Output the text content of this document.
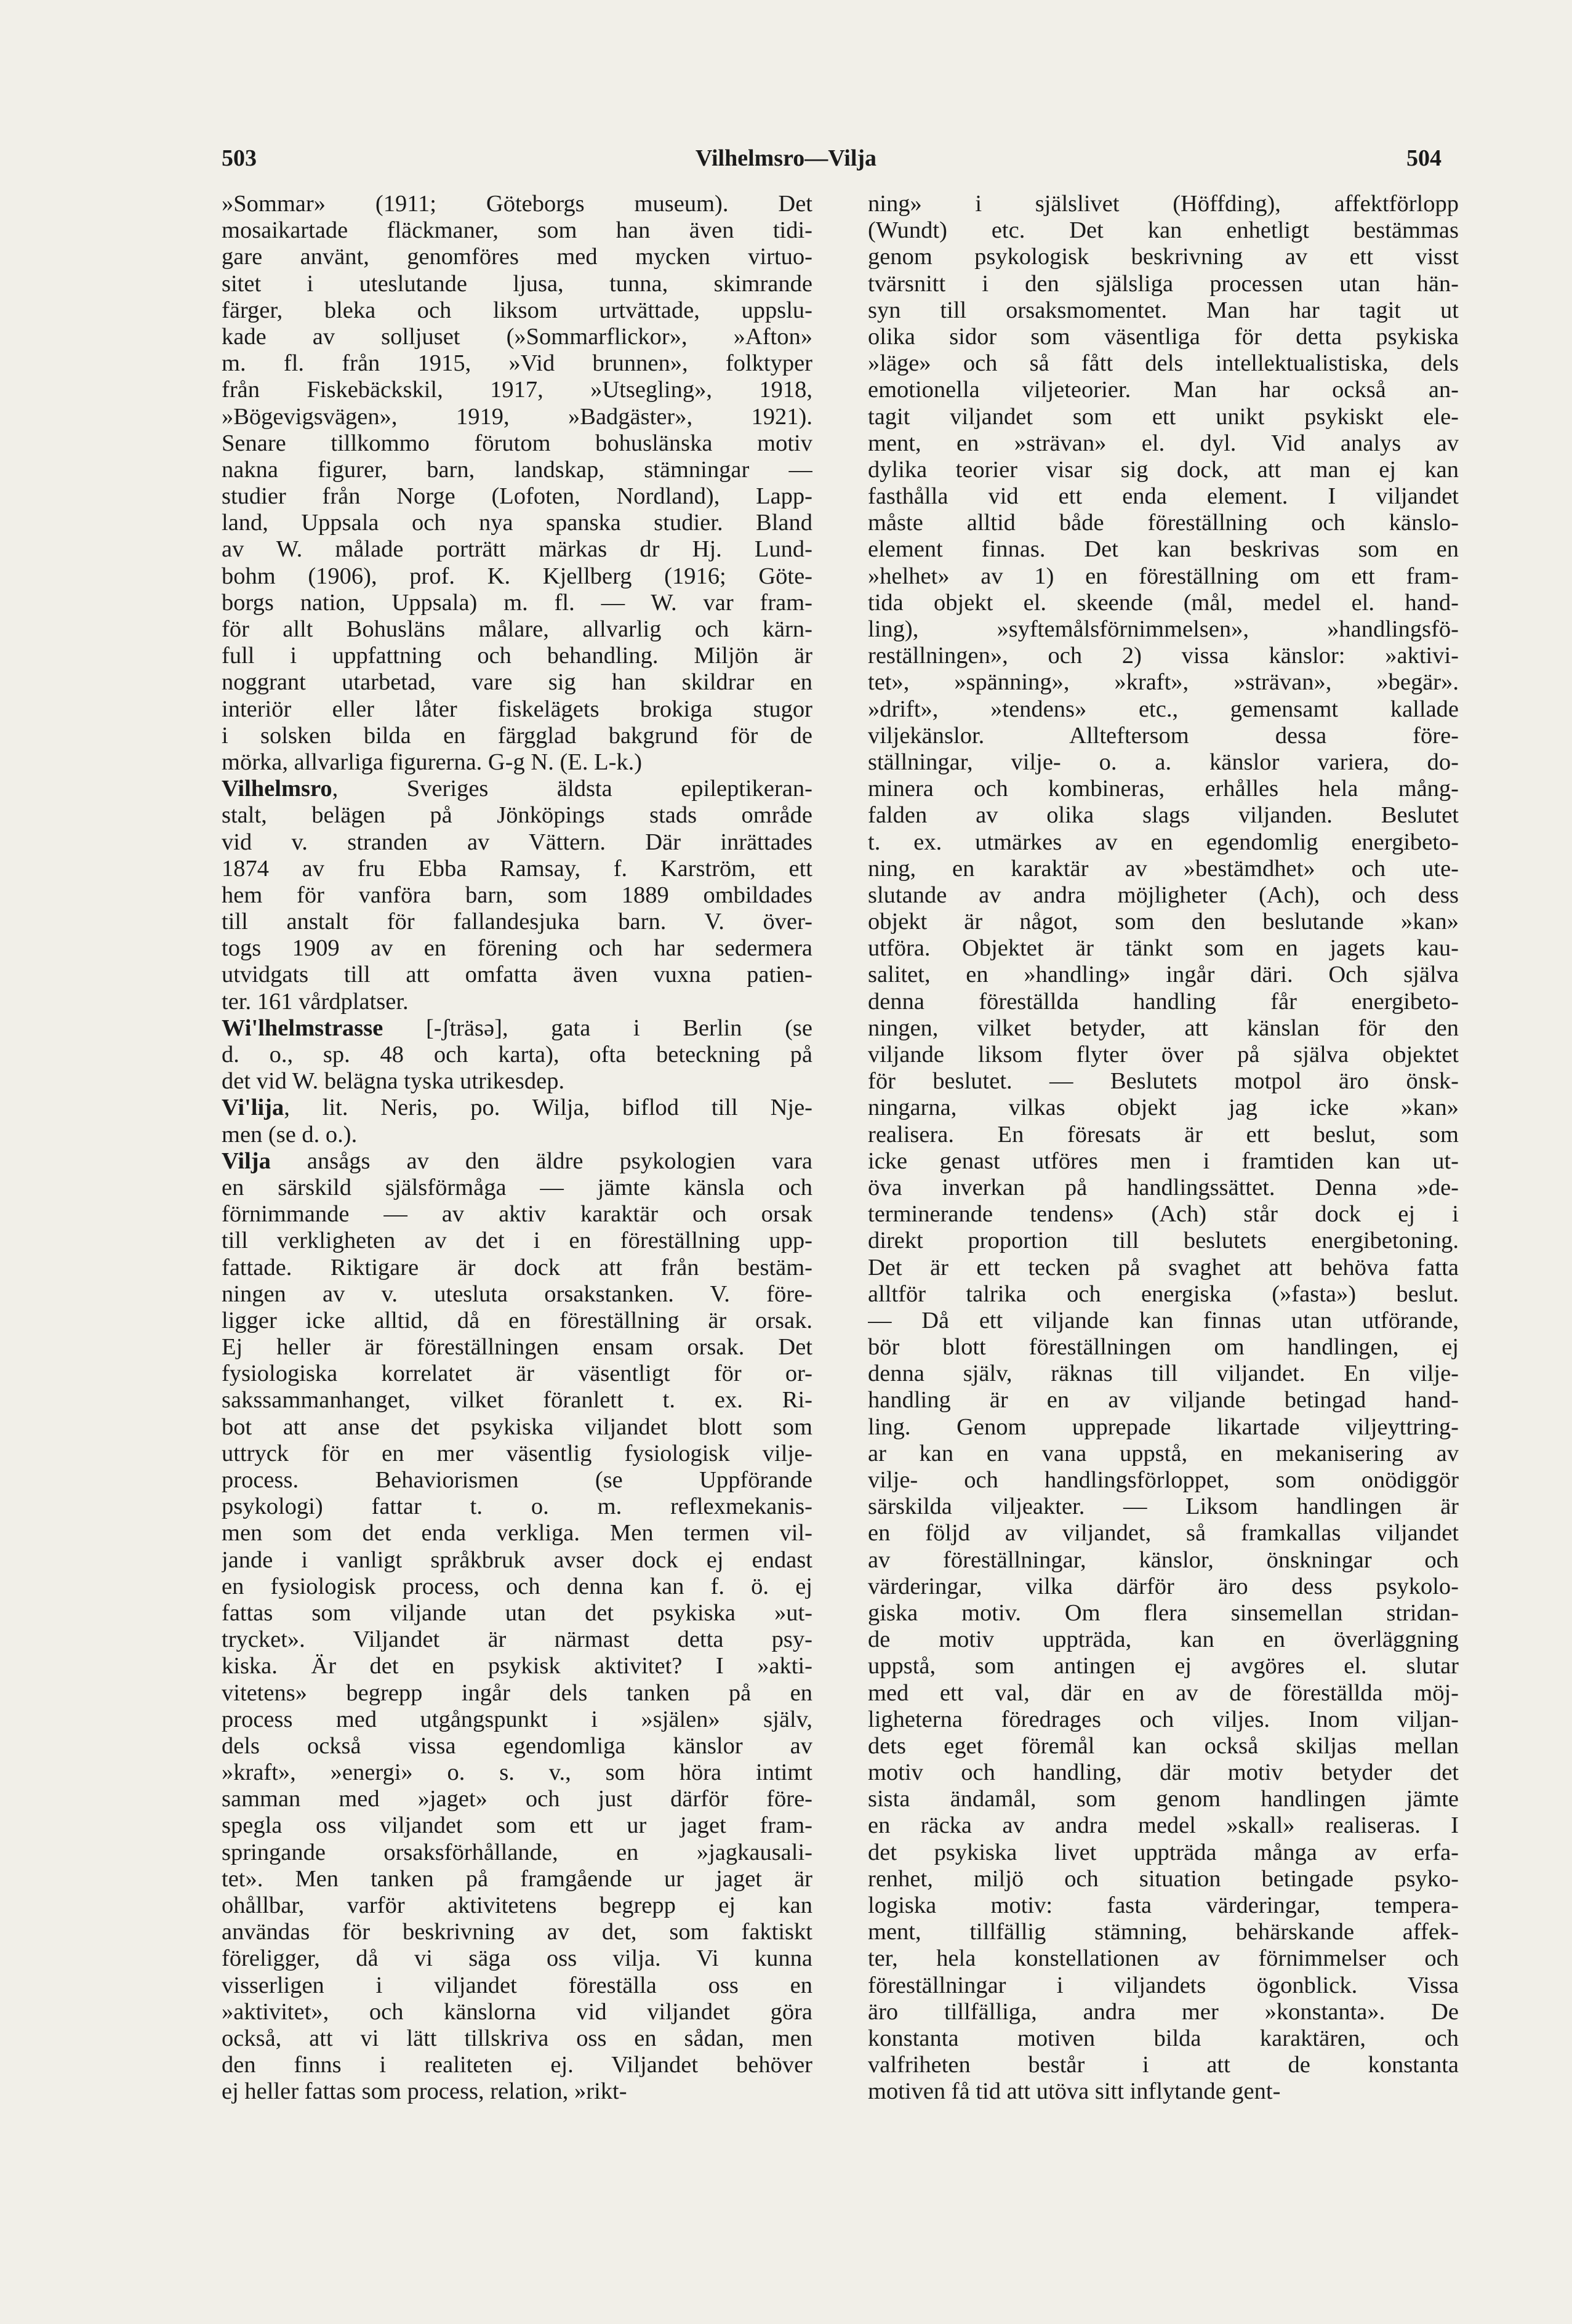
503	Vilhelmsro—Vilja	504
»Sommar» (1911; Göteborgs museum). Det
mosaikartade fläckmaner, som han även tidi-
gare använt, genomföres med mycken virtuo-
sitet i uteslutande ljusa, tunna, skimrande
färger, bleka och liksom urtvättade, uppslu-
kade av solljuset (»Sommarflickor», »Afton»
m. fl. från 1915, »Vid brunnen», folktyper
från Fiskebäckskil, 1917, »Utsegling», 1918,
»Bögevigsvägen», 1919, »Badgäster», 1921).
Senare tillkommo förutom bohuslänska motiv
nakna figurer, barn, landskap, stämningar —
studier från Norge (Lofoten, Nordland), Lapp-
land, Uppsala och nya spanska studier. Bland
av W. målade porträtt märkas dr Hj. Lund-
bohm (1906), prof. K. Kjellberg (1916; Göte-
borgs nation, Uppsala) m. fl. — W. var fram-
för allt Bohusläns målare, allvarlig och kärn-
full i uppfattning och behandling. Miljön är
noggrant utarbetad, vare sig han skildrar en
interiör eller låter fiskelägets brokiga stugor
i solsken bilda en färgglad bakgrund för de
mörka, allvarliga figurerna. G-g N. (E. L-k.)
Vilhelmsro, Sveriges äldsta epileptikeran-
stalt, belägen på Jönköpings stads område
vid v. stranden av Vättern. Där inrättades
1874 av fru Ebba Ramsay, f. Karström, ett
hem för vanföra barn, som 1889 ombildades
till anstalt för fallandesjuka barn. V. över-
togs 1909 av en förening och har sedermera
utvidgats till att omfatta även vuxna patien-
ter. 161 vårdplatser.
Wi'lhelmstrasse [-ʃträsə], gata i Berlin (se
d. o., sp. 48 och karta), ofta beteckning på
det vid W. belägna tyska utrikesdep.
Vi'lija, lit. Neris, po. Wilja, biflod till Nje-
men (se d. o.).
Vilja ansågs av den äldre psykologien vara
en särskild själsförmåga — jämte känsla och
förnimmande — av aktiv karaktär och orsak
till verkligheten av det i en föreställning upp-
fattade. Riktigare är dock att från bestäm-
ningen av v. utesluta orsakstanken. V. före-
ligger icke alltid, då en föreställning är orsak.
Ej heller är föreställningen ensam orsak. Det
fysiologiska korrelatet är väsentligt för or-
sakssammanhanget, vilket föranlett t. ex. Ri-
bot att anse det psykiska viljandet blott som
uttryck för en mer väsentlig fysiologisk vilje-
process. Behaviorismen (se Uppförande
psykologi) fattar t. o. m. reflexmekanis-
men som det enda verkliga. Men termen vil-
jande i vanligt språkbruk avser dock ej endast
en fysiologisk process, och denna kan f. ö. ej
fattas som viljande utan det psykiska »ut-
trycket». Viljandet är närmast detta psy-
kiska. Är det en psykisk aktivitet? I »akti-
vitetens» begrepp ingår dels tanken på en
process med utgångspunkt i »själen» själv,
dels också vissa egendomliga känslor av
»kraft», »energi» o. s. v., som höra intimt
samman med »jaget» och just därför före-
spegla oss viljandet som ett ur jaget fram-
springande orsaksförhållande, en »jagkausali-
tet». Men tanken på framgående ur jaget är
ohållbar, varför aktivitetens begrepp ej kan
användas för beskrivning av det, som faktiskt
föreligger, då vi säga oss vilja. Vi kunna
visserligen i viljandet föreställa oss en
»aktivitet», och känslorna vid viljandet göra
också, att vi lätt tillskriva oss en sådan, men
den finns i realiteten ej. Viljandet behöver
ej heller fattas som process, relation, »rikt-
ning» i själslivet (Höffding), affektförlopp
(Wundt) etc. Det kan enhetligt bestämmas
genom psykologisk beskrivning av ett visst
tvärsnitt i den själsliga processen utan hän-
syn till orsaksmomentet. Man har tagit ut
olika sidor som väsentliga för detta psykiska
»läge» och så fått dels intellektualistiska, dels
emotionella viljeteorier. Man har också an-
tagit viljandet som ett unikt psykiskt ele-
ment, en »strävan» el. dyl. Vid analys av
dylika teorier visar sig dock, att man ej kan
fasthålla vid ett enda element. I viljandet
måste alltid både föreställning och känslo-
element finnas. Det kan beskrivas som en
»helhet» av 1) en föreställning om ett fram-
tida objekt el. skeende (mål, medel el. hand-
ling), »syftemålsförnimmelsen», »handlingsfö-
reställningen», och 2) vissa känslor: »aktivi-
tet», »spänning», »kraft», »strävan», »begär».
»drift», »tendens» etc., gemensamt kallade
viljekänslor. Allteftersom dessa före-
ställningar, vilje- o. a. känslor variera, do-
minera och kombineras, erhålles hela mång-
falden av olika slags viljanden. Beslutet
t. ex. utmärkes av en egendomlig energibeto-
ning, en karaktär av »bestämdhet» och ute-
slutande av andra möjligheter (Ach), och dess
objekt är något, som den beslutande »kan»
utföra. Objektet är tänkt som en jagets kau-
salitet, en »handling» ingår däri. Och själva
denna föreställda handling får energibeto-
ningen, vilket betyder, att känslan för den
viljande liksom flyter över på själva objektet
för beslutet. — Beslutets motpol äro önsk-
ningarna, vilkas objekt jag icke »kan»
realisera. En föresats är ett beslut, som
icke genast utföres men i framtiden kan ut-
öva inverkan på handlingssättet. Denna »de-
terminerande tendens» (Ach) står dock ej i
direkt proportion till beslutets energibetoning.
Det är ett tecken på svaghet att behöva fatta
alltför talrika och energiska (»fasta») beslut.
— Då ett viljande kan finnas utan utförande,
bör blott föreställningen om handlingen, ej
denna själv, räknas till viljandet. En vilje-
handling är en av viljande betingad hand-
ling. Genom upprepade likartade viljeyttring-
ar kan en vana uppstå, en mekanisering av
vilje- och handlingsförloppet, som onödiggör
särskilda viljeakter. — Liksom handlingen är
en följd av viljandet, så framkallas viljandet
av föreställningar, känslor, önskningar och
värderingar, vilka därför äro dess psykolo-
giska motiv. Om flera sinsemellan stridan-
de motiv uppträda, kan en överläggning
uppstå, som antingen ej avgöres el. slutar
med ett val, där en av de föreställda möj-
ligheterna föredrages och viljes. Inom viljan-
dets eget föremål kan också skiljas mellan
motiv och handling, där motiv betyder det
sista ändamål, som genom handlingen jämte
en räcka av andra medel »skall» realiseras. I
det psykiska livet uppträda många av erfa-
renhet, miljö och situation betingade psyko-
logiska motiv: fasta värderingar, tempera-
ment, tillfällig stämning, behärskande affek-
ter, hela konstellationen av förnimmelser och
föreställningar i viljandets ögonblick. Vissa
äro tillfälliga, andra mer »konstanta». De
konstanta motiven bilda karaktären, och
valfriheten består i att de konstanta
motiven få tid att utöva sitt inflytande gent-
